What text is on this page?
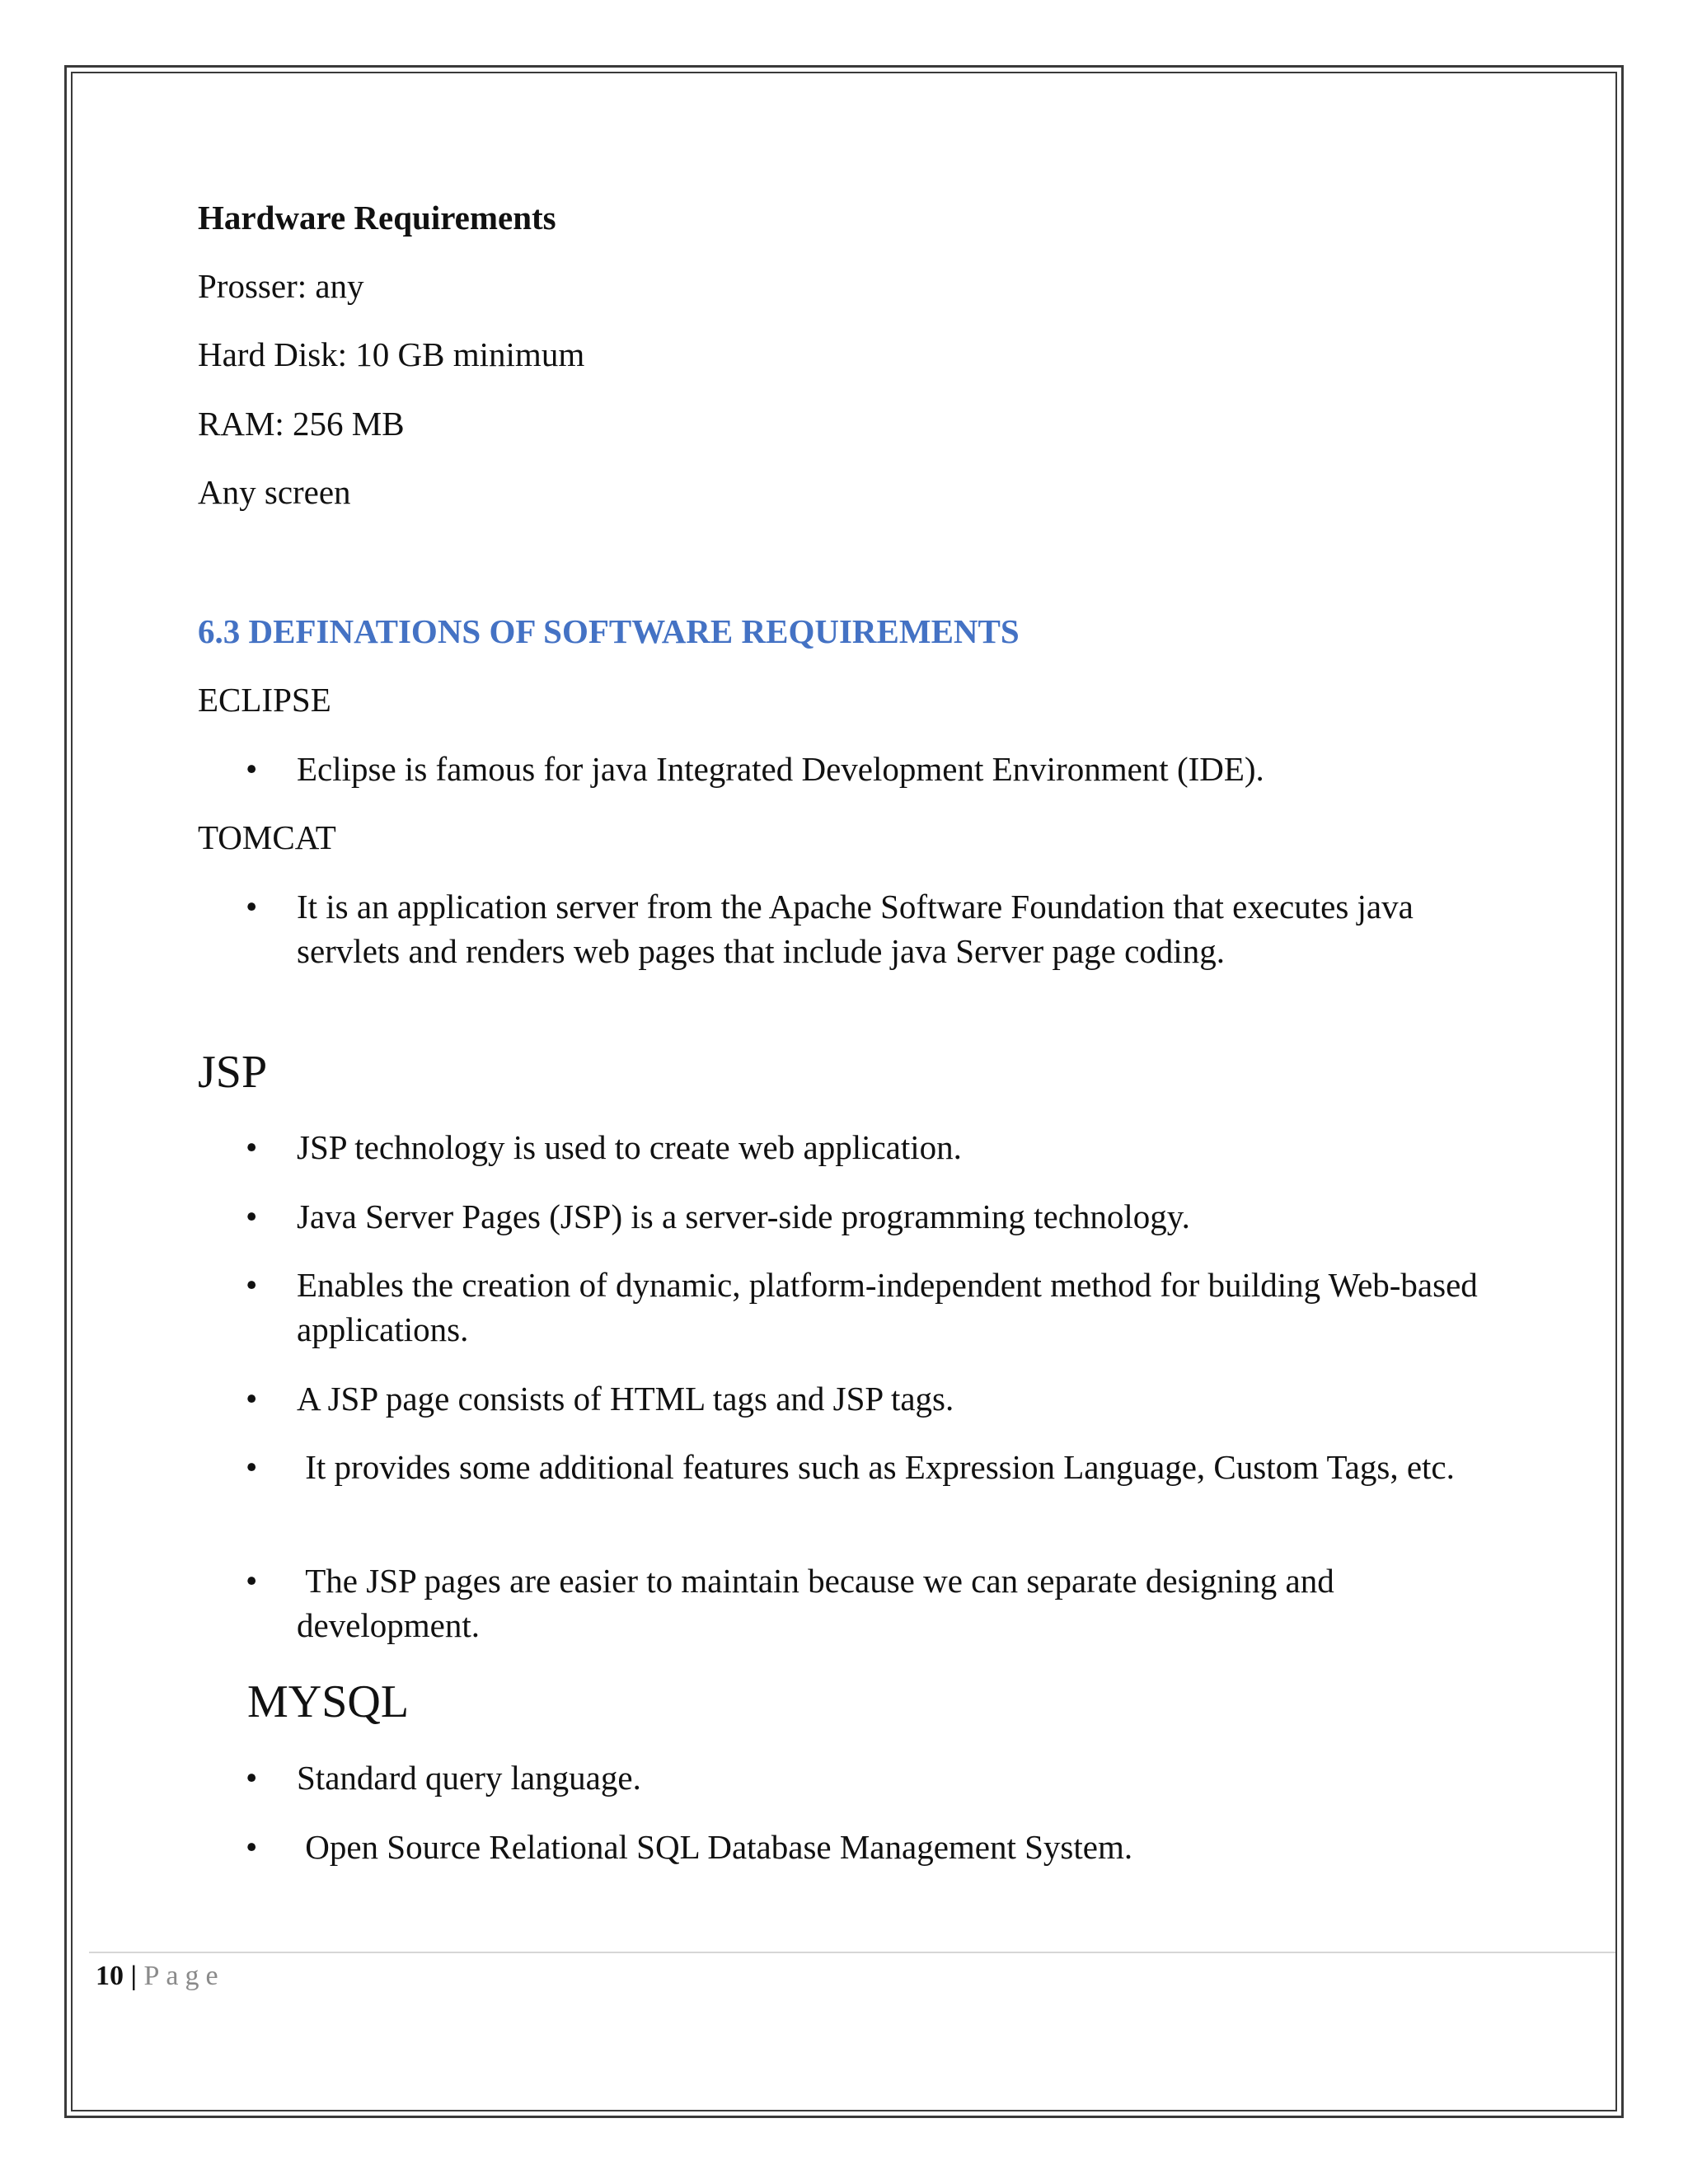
Hardware Requirements

Prosser: any

Hard Disk: 10 GB minimum

RAM: 256 MB

Any screen

6.3 DEFINATIONS OF SOFTWARE REQUIREMENTS

ECLIPSE

• Eclipse is famous for java Integrated Development Environment (IDE).

TOMCAT

• It is an application server from the Apache Software Foundation that executes java servlets and renders web pages that include java Server page coding.

JSP

• JSP technology is used to create web application.
• Java Server Pages (JSP) is a server-side programming technology.
• Enables the creation of dynamic, platform-independent method for building Web-based applications.
• A JSP page consists of HTML tags and JSP tags.
• It provides some additional features such as Expression Language, Custom Tags, etc.
• The JSP pages are easier to maintain because we can separate designing and development.

MYSQL

• Standard query language.
• Open Source Relational SQL Database Management System.
10 | Page
